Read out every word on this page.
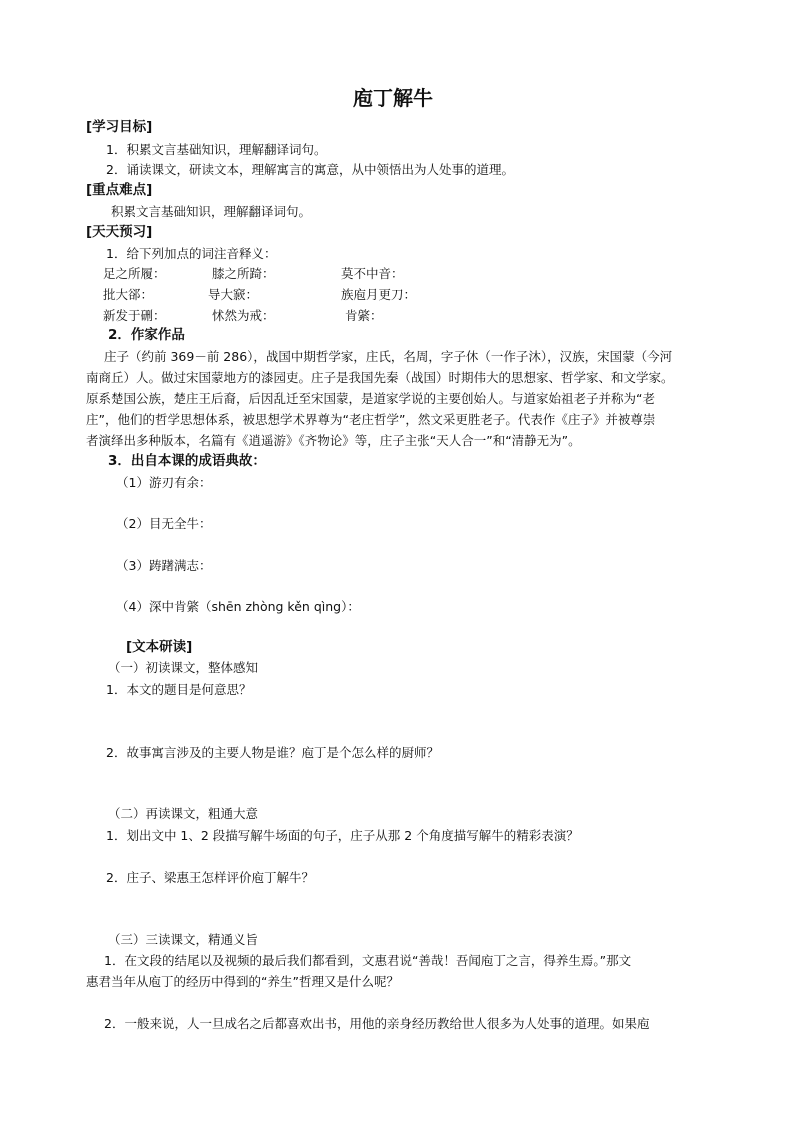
庖丁解牛
[学习目标]
1．积累文言基础知识，理解翻译词句。
2．诵读课文，研读文本，理解寓言的寓意，从中领悟出为人处事的道理。
[重点难点]
积累文言基础知识，理解翻译词句。
[天天预习]
1．给下列加点的词注音释义：
足之所履：	膝之所踦：	莫不中音：
批大郤：	导大窾：	族庖月更刀：
新发于硎：	怵然为戒：	肯綮：
2．作家作品
庄子（约前 369－前 286），战国中期哲学家，庄氏，名周，字子休（一作子沐），汉族，宋国蒙（今河
南商丘）人。做过宋国蒙地方的漆园吏。庄子是我国先秦（战国）时期伟大的思想家、哲学家、和文学家。
原系楚国公族，楚庄王后裔，后因乱迁至宋国蒙，是道家学说的主要创始人。与道家始祖老子并称为“老
庄”，他们的哲学思想体系，被思想学术界尊为“老庄哲学”，然文采更胜老子。代表作《庄子》并被尊崇
者演绎出多种版本，名篇有《逍遥游》《齐物论》等，庄子主张“天人合一”和“清静无为”。
3．出自本课的成语典故：
（1）游刃有余：
（2）目无全牛：
（3）踌躇满志：
（4）深中肯綮（shēn zhòng kěn qìng）：
[文本研读]
（一）初读课文，整体感知
1．本文的题目是何意思？
2．故事寓言涉及的主要人物是谁？庖丁是个怎么样的厨师？
（二）再读课文，粗通大意
1．划出文中 1、2 段描写解牛场面的句子，庄子从那 2 个角度描写解牛的精彩表演？
2．庄子、梁惠王怎样评价庖丁解牛？
（三）三读课文，精通义旨
1．在文段的结尾以及视频的最后我们都看到，文惠君说“善哉！吾闻庖丁之言，得养生焉。”那文
惠君当年从庖丁的经历中得到的“养生”哲理又是什么呢？
2．一般来说，人一旦成名之后都喜欢出书，用他的亲身经历教给世人很多为人处事的道理。如果庖
